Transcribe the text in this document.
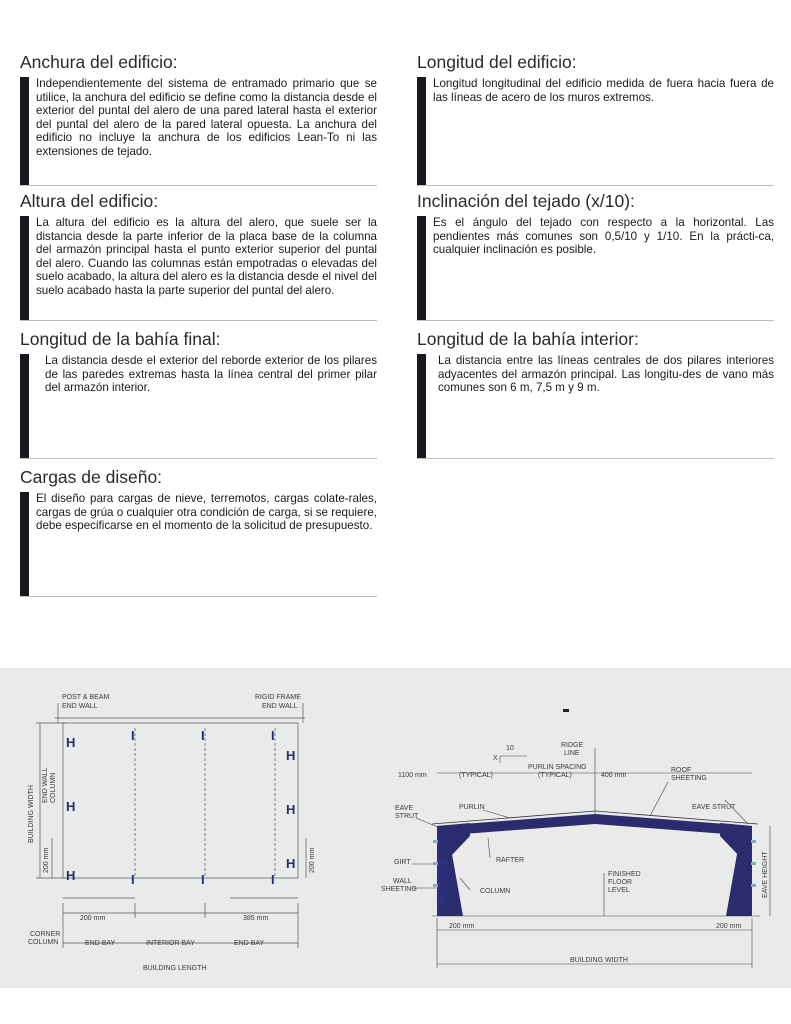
Anchura del edificio:
Independientemente del sistema de entramado primario que se utilice, la anchura del edificio se define como la distancia desde el exterior del puntal del alero de una pared lateral hasta el exterior del puntal del alero de la pared lateral opuesta. La anchura del edificio no incluye la anchura de los edificios Lean-To ni las extensiones de tejado.
Longitud del edificio:
Longitud longitudinal del edificio medida de fuera hacia fuera de las líneas de acero de los muros extremos.
Altura del edificio:
La altura del edificio es la altura del alero, que suele ser la distancia desde la parte inferior de la placa base de la columna del armazón principal hasta el punto exterior superior del puntal del alero. Cuando las columnas están empotradas o elevadas del suelo acabado, la altura del alero es la distancia desde el nivel del suelo acabado hasta la parte superior del puntal del alero.
Inclinación del tejado (x/10):
Es el ángulo del tejado con respecto a la horizontal. Las pendientes más comunes son 0,5/10 y 1/10. En la prácti-ca, cualquier inclinación es posible.
Longitud de la bahía final:
La distancia desde el exterior del reborde exterior de los pilares de las paredes extremas hasta la línea central del primer pilar del armazón interior.
Longitud de la bahía interior:
La distancia entre las líneas centrales de dos pilares interiores adyacentes del armazón principal. Las longitu-des de vano más comunes son 6 m, 7,5 m y 9 m.
Cargas de diseño:
El diseño para cargas de nieve, terremotos, cargas colate-rales, cargas de grúa o cualquier otra condición de carga, si se requiere, debe especificarse en el momento de la solicitud de presupuesto.
H
H
H
I	I	I
I	I	I
H
H
H
POST & BEAM
END WALL
RIGID FRAME
END WALL
BUILDING WIDTH END WALL COLUMN
200 mm	200 mm
200 mm	385 mm
CORNER
COLUMN	END BAY	INTERIOR BAY	END BAY
BUILDING LENGTH
10
X
RIDGE
LINE
1100 mm	(TYPICAL)
PURLIN SPACING
(TYPICAL)	400 mm
ROOF
SHEETING
EAVE
STRUT
PURLIN	EAVE STRUT
RAFTER
GIRT
WALL
SHEETING	COLUMN
FINISHED
FLOOR
LEVEL	EAVE HEIGHT
200 mm	200 mm
BUILDING WIDTH
